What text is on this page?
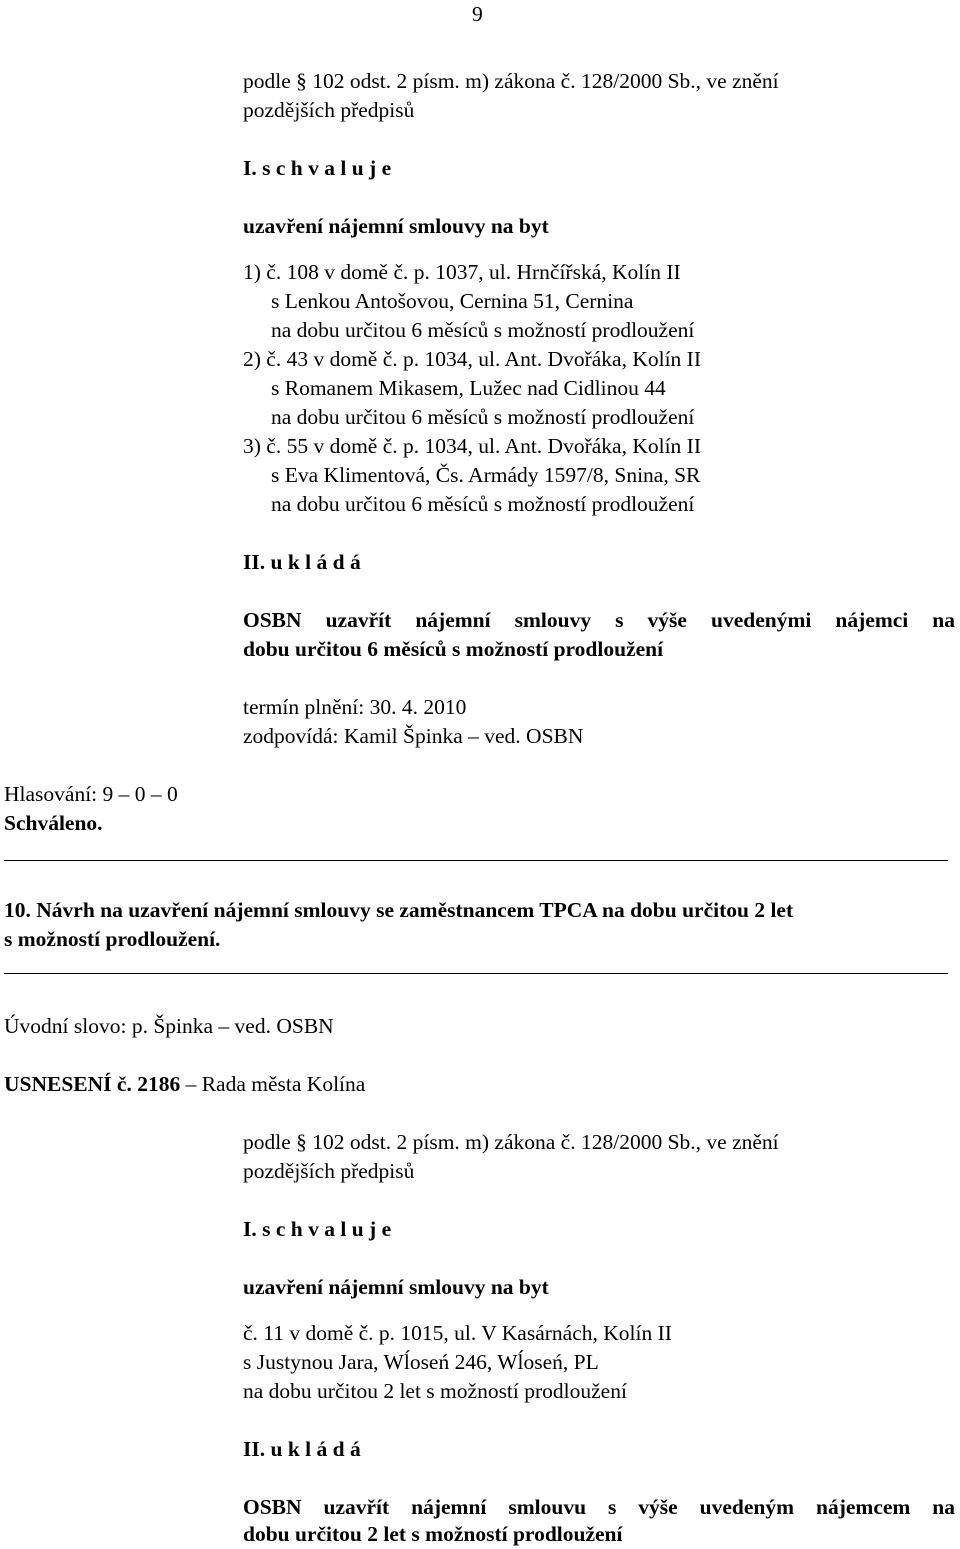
9
podle § 102 odst. 2 písm. m) zákona č. 128/2000 Sb., ve znění
pozdějších předpisů
I. s c h v a l u j e
uzavření nájemní smlouvy na byt
1) č. 108 v domě č. p. 1037, ul. Hrnčířská, Kolín II
s Lenkou Antošovou, Cernina 51, Cernina
na dobu určitou 6 měsíců s možností prodloužení
2) č. 43 v domě č. p. 1034, ul. Ant. Dvořáka, Kolín II
s Romanem Mikasem, Lužec nad Cidlinou 44
na dobu určitou 6 měsíců s možností prodloužení
3) č. 55 v domě č. p. 1034, ul. Ant. Dvořáka, Kolín II
s Eva Klimentová, Čs. Armády 1597/8, Snina, SR
na dobu určitou 6 měsíců s možností prodloužení
II. u k l á d á
OSBN uzavřít nájemní smlouvy s výše uvedenými nájemci na
dobu určitou 6 měsíců s možností prodloužení
termín plnění: 30. 4. 2010
zodpovídá: Kamil Špinka – ved. OSBN
Hlasování: 9 – 0 – 0
Schváleno.
10. Návrh na uzavření nájemní smlouvy se zaměstnancem TPCA na dobu určitou 2 let
s možností prodloužení.
Úvodní slovo: p. Špinka – ved. OSBN
USNESENÍ č. 2186 – Rada města Kolína
podle § 102 odst. 2 písm. m) zákona č. 128/2000 Sb., ve znění
pozdějších předpisů
I. s c h v a l u j e
uzavření nájemní smlouvy na byt
č. 11 v domě č. p. 1015, ul. V Kasárnách, Kolín II
s Justynou Jara, Wĺoseń 246, Wĺoseń, PL
na dobu určitou 2 let s možností prodloužení
II. u k l á d á
OSBN uzavřít nájemní smlouvu s výše uvedeným nájemcem na
dobu určitou 2 let s možností prodloužení
